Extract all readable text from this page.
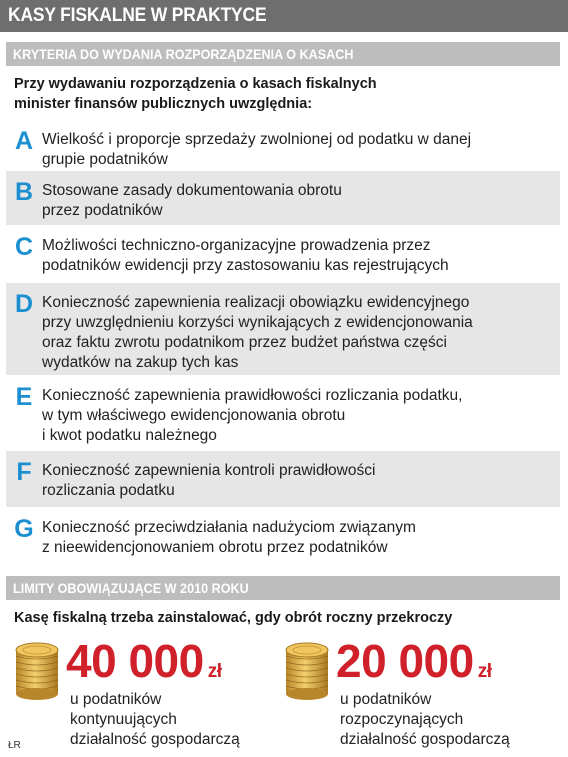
KASY FISKALNE W PRAKTYCE
KRYTERIA DO WYDANIA ROZPORZĄDZENIA O KASACH
Przy wydawaniu rozporządzenia o kasach fiskalnych
minister finansów publicznych uwzględnia:
A Wielkość i proporcje sprzedaży zwolnionej od podatku w danej
grupie podatników
B Stosowane zasady dokumentowania obrotu
przez podatników
C Możliwości techniczno-organizacyjne prowadzenia przez
podatników ewidencji przy zastosowaniu kas rejestrujących
D Konieczność zapewnienia realizacji obowiązku ewidencyjnego
przy uwzględnieniu korzyści wynikających z ewidencjonowania
oraz faktu zwrotu podatnikom przez budżet państwa części
wydatków na zakup tych kas
E Konieczność zapewnienia prawidłowości rozliczania podatku,
w tym właściwego ewidencjonowania obrotu
i kwot podatku należnego
F Konieczność zapewnienia kontroli prawidłowości
rozliczania podatku
G Konieczność przeciwdziałania nadużyciom związanym
z nieewidencjonowaniem obrotu przez podatników
LIMITY OBOWIĄZUJĄCE W 2010 ROKU
Kasę fiskalną trzeba zainstalować, gdy obrót roczny przekroczy
40 000 zł
u podatników
kontynuujących
działalność gospodarczą
20 000 zł
u podatników
rozpoczynających
działalność gospodarczą
ŁR
